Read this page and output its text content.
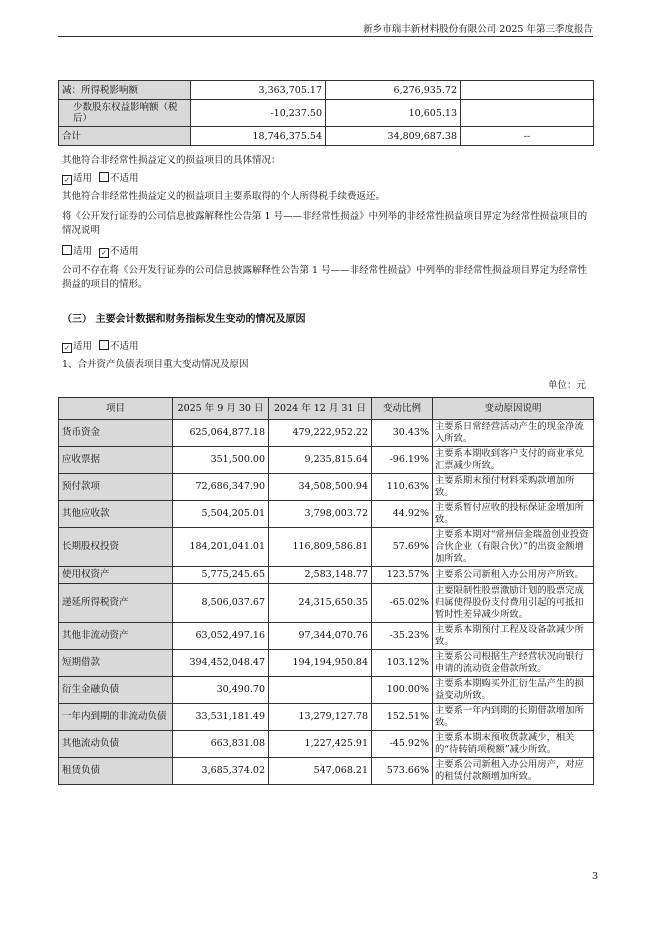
新乡市瑞丰新材料股份有限公司 2025 年第三季度报告
减：所得税影响额	3,363,705.17	6,276,935.72	
少数股东权益影响额（税后）	-10,237.50	10,605.13	
合计	18,746,375.54	34,809,687.38	--
其他符合非经常性损益定义的损益项目的具体情况：
✓ 适用 不适用
其他符合非经常性损益定义的损益项目主要系取得的个人所得税手续费返还。
将《公开发行证券的公司信息披露解释性公告第 1 号——非经常性损益》中列举的非经常性损益项目界定为经常性损益项目的情况说明
适用 ✓ 不适用
公司不存在将《公开发行证券的公司信息披露解释性公告第 1 号——非经常性损益》中列举的非经常性损益项目界定为经常性损益的项目的情形。
（三） 主要会计数据和财务指标发生变动的情况及原因
✓ 适用 不适用
1、合并资产负债表项目重大变动情况及原因
单位：元
项目	2025 年 9 月 30 日	2024 年 12 月 31 日	变动比例	变动原因说明
货币资金	625,064,877.18	479,222,952.22	30.43%	主要系日常经营活动产生的现金净流入所致。
应收票据	351,500.00	9,235,815.64	-96.19%	主要系本期收到客户支付的商业承兑汇票减少所致。
预付款项	72,686,347.90	34,508,500.94	110.63%	主要系期末预付材料采购款增加所致。
其他应收款	5,504,205.01	3,798,003.72	44.92%	主要系暂付应收的投标保证金增加所致。
长期股权投资	184,201,041.01	116,809,586.81	57.69%	主要系本期对“常州信金瑞盈创业投资合伙企业（有限合伙）”的出资金额增加所致。
使用权资产	5,775,245.65	2,583,148.77	123.57%	主要系公司新租入办公用房产所致。
递延所得税资产	8,506,037.67	24,315,650.35	-65.02%	主要限制性股票激励计划的股票完成归属使得股份支付费用引起的可抵扣暂时性差异减少所致。
其他非流动资产	63,052,497.16	97,344,070.76	-35.23%	主要系本期预付工程及设备款减少所致。
短期借款	394,452,048.47	194,194,950.84	103.12%	主要系公司根据生产经营状况向银行申请的流动资金借款所致。
衍生金融负债	30,490.70		100.00%	主要系本期购买外汇衍生品产生的损益变动所致。
一年内到期的非流动负债	33,531,181.49	13,279,127.78	152.51%	主要系一年内到期的长期借款增加所致。
其他流动负债	663,831.08	1,227,425.91	-45.92%	主要系本期末预收货款减少，相关的“待转销项税额”减少所致。
租赁负债	3,685,374.02	547,068.21	573.66%	主要系公司新租入办公用房产，对应的租赁付款额增加所致。
3
